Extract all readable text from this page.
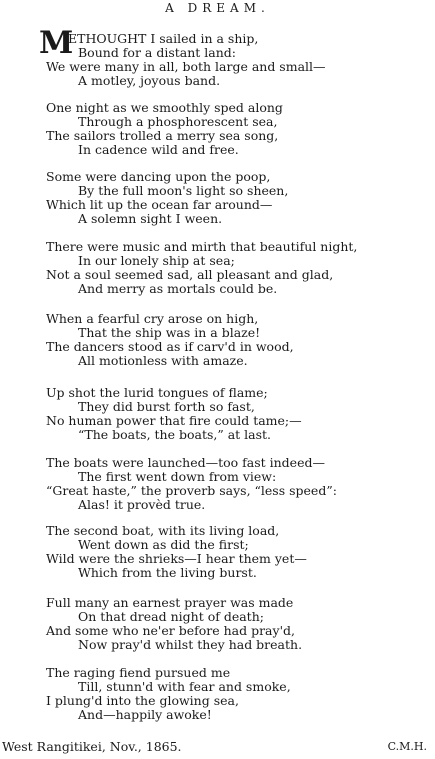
A DREAM.
M
ETHOUGHT I sailed in a ship,
Bound for a distant land:
We were many in all, both large and small—
A motley, joyous band.
One night as we smoothly sped along
Through a phosphorescent sea,
The sailors trolled a merry sea song,
In cadence wild and free.
Some were dancing upon the poop,
By the full moon's light so sheen,
Which lit up the ocean far around—
A solemn sight I ween.
There were music and mirth that beautiful night,
In our lonely ship at sea;
Not a soul seemed sad, all pleasant and glad,
And merry as mortals could be.
When a fearful cry arose on high,
That the ship was in a blaze!
The dancers stood as if carv'd in wood,
All motionless with amaze.
Up shot the lurid tongues of flame;
They did burst forth so fast,
No human power that fire could tame;—
“The boats, the boats,” at last.
The boats were launched—too fast indeed—
The first went down from view:
“Great haste,” the proverb says, “less speed”:
Alas! it provèd true.
The second boat, with its living load,
Went down as did the first;
Wild were the shrieks—I hear them yet—
Which from the living burst.
Full many an earnest prayer was made
On that dread night of death;
And some who ne'er before had pray'd,
Now pray'd whilst they had breath.
The raging fiend pursued me
Till, stunn'd with fear and smoke,
I plung'd into the glowing sea,
And—happily awoke!
West Rangitikei, Nov., 1865.	C.M.H.
